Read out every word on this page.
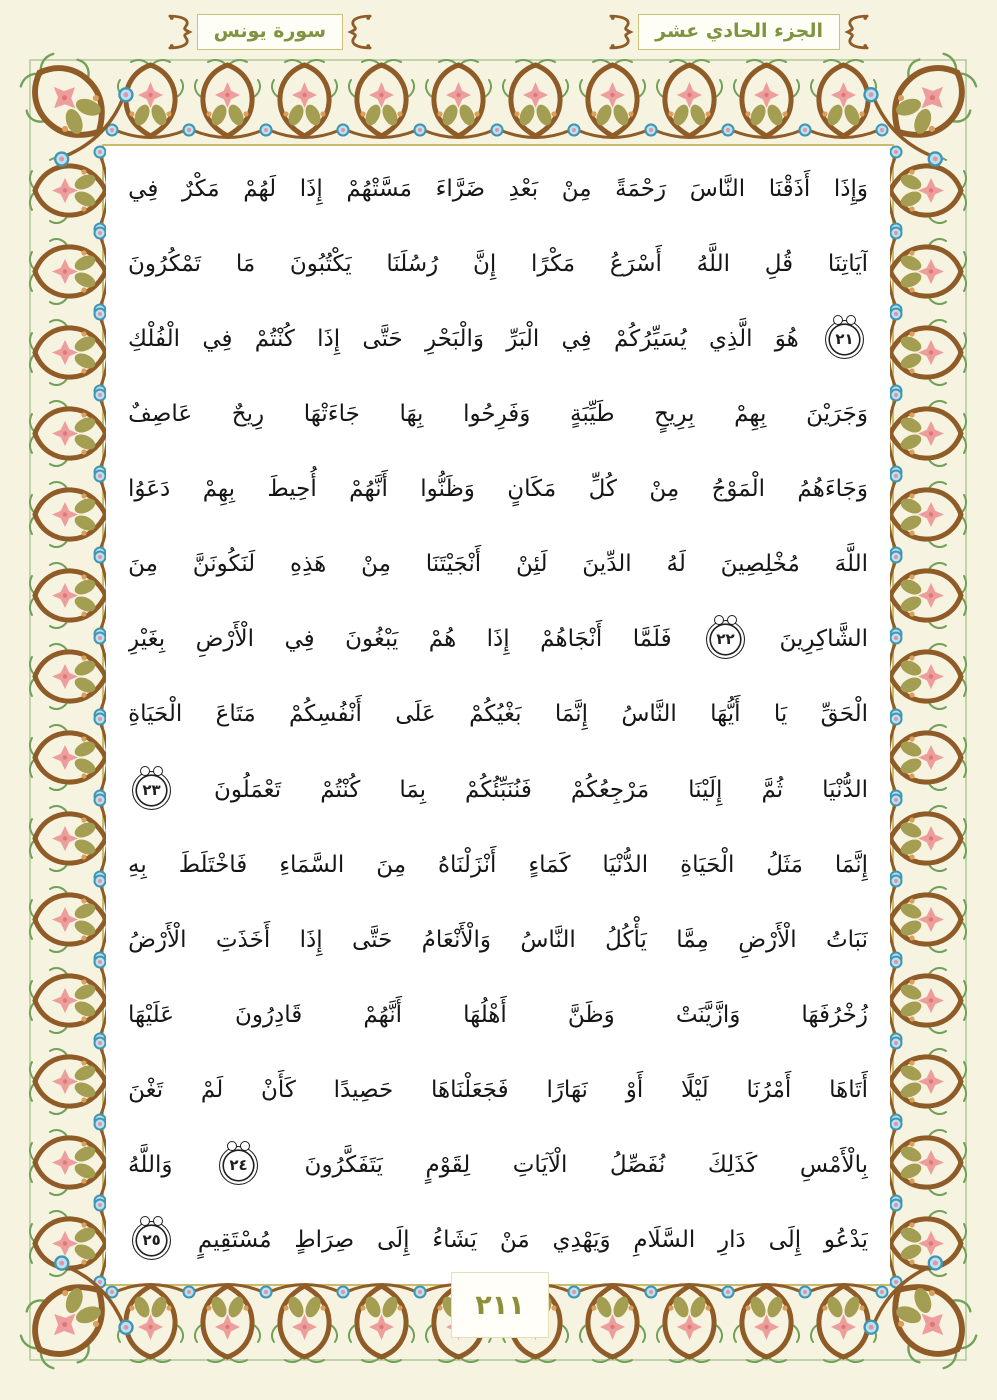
سورة يونس	الجزء الحادي عشر
وَإِذَا
أَذَقْنَا
النَّاسَ
رَحْمَةً
مِنْ
بَعْدِ
ضَرَّاءَ
مَسَّتْهُمْ
إِذَا
لَهُمْ
مَكْرٌ
فِي
آيَاتِنَا
قُلِ
اللَّهُ
أَسْرَعُ
مَكْرًا
إِنَّ
رُسُلَنَا
يَكْتُبُونَ
مَا
تَمْكُرُونَ
٢١
هُوَ
الَّذِي
يُسَيِّرُكُمْ
فِي
الْبَرِّ
وَالْبَحْرِ
حَتَّى
إِذَا
كُنْتُمْ
فِي
الْفُلْكِ
وَجَرَيْنَ
بِهِمْ
بِرِيحٍ
طَيِّبَةٍ
وَفَرِحُوا
بِهَا
جَاءَتْهَا
رِيحٌ
عَاصِفٌ
وَجَاءَهُمُ
الْمَوْجُ
مِنْ
كُلِّ
مَكَانٍ
وَظَنُّوا
أَنَّهُمْ
أُحِيطَ
بِهِمْ
دَعَوُا
اللَّهَ
مُخْلِصِينَ
لَهُ
الدِّينَ
لَئِنْ
أَنْجَيْتَنَا
مِنْ
هَذِهِ
لَنَكُونَنَّ
مِنَ
الشَّاكِرِينَ
٢٢
فَلَمَّا
أَنْجَاهُمْ
إِذَا
هُمْ
يَبْغُونَ
فِي
الْأَرْضِ
بِغَيْرِ
الْحَقِّ
يَا
أَيُّهَا
النَّاسُ
إِنَّمَا
بَغْيُكُمْ
عَلَى
أَنْفُسِكُمْ
مَتَاعَ
الْحَيَاةِ
الدُّنْيَا
ثُمَّ
إِلَيْنَا
مَرْجِعُكُمْ
فَنُنَبِّئُكُمْ
بِمَا
كُنْتُمْ
تَعْمَلُونَ
٢٣
إِنَّمَا
مَثَلُ
الْحَيَاةِ
الدُّنْيَا
كَمَاءٍ
أَنْزَلْنَاهُ
مِنَ
السَّمَاءِ
فَاخْتَلَطَ
بِهِ
نَبَاتُ
الْأَرْضِ
مِمَّا
يَأْكُلُ
النَّاسُ
وَالْأَنْعَامُ
حَتَّى
إِذَا
أَخَذَتِ
الْأَرْضُ
زُخْرُفَهَا
وَازَّيَّنَتْ
وَظَنَّ
أَهْلُهَا
أَنَّهُمْ
قَادِرُونَ
عَلَيْهَا
أَتَاهَا
أَمْرُنَا
لَيْلًا
أَوْ
نَهَارًا
فَجَعَلْنَاهَا
حَصِيدًا
كَأَنْ
لَمْ
تَغْنَ
بِالْأَمْسِ
كَذَلِكَ
نُفَصِّلُ
الْآيَاتِ
لِقَوْمٍ
يَتَفَكَّرُونَ
٢٤
وَاللَّهُ
يَدْعُو
إِلَى
دَارِ
السَّلَامِ
وَيَهْدِي
مَنْ
يَشَاءُ
إِلَى
صِرَاطٍ
مُسْتَقِيمٍ
٢٥
٢١١
